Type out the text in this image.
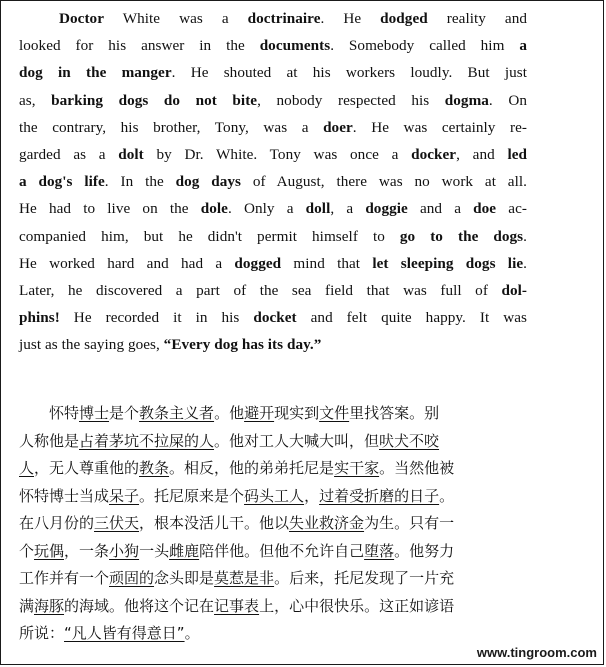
Doctor White was a doctrinaire. He dodged reality and
looked for his answer in the documents. Somebody called him a
dog in the manger. He shouted at his workers loudly. But just
as, barking dogs do not bite, nobody respected his dogma. On
the contrary, his brother, Tony, was a doer. He was certainly re-
garded as a dolt by Dr. White. Tony was once a docker, and led
a dog's life. In the dog days of August, there was no work at all.
He had to live on the dole. Only a doll, a doggie and a doe ac-
companied him, but he didn't permit himself to go to the dogs.
He worked hard and had a dogged mind that let sleeping dogs lie.
Later, he discovered a part of the sea field that was full of dol-
phins! He recorded it in his docket and felt quite happy. It was
just as the saying goes, “Every dog has its day.”
怀特博士是个教条主义者。他避开现实到文件里找答案。别
人称他是占着茅坑不拉屎的人。他对工人大喊大叫，但吠犬不咬
人，无人尊重他的教条。相反，他的弟弟托尼是实干家。当然他被
怀特博士当成呆子。托尼原来是个码头工人，过着受折磨的日子。
在八月份的三伏天，根本没活儿干。他以失业救济金为生。只有一
个玩偶，一条小狗一头雌鹿陪伴他。但他不允许自己堕落。他努力
工作并有一个顽固的念头即是莫惹是非。后来，托尼发现了一片充
满海豚的海域。他将这个记在记事表上，心中很快乐。这正如谚语
所说：“凡人皆有得意日”。
www.tingroom.com
